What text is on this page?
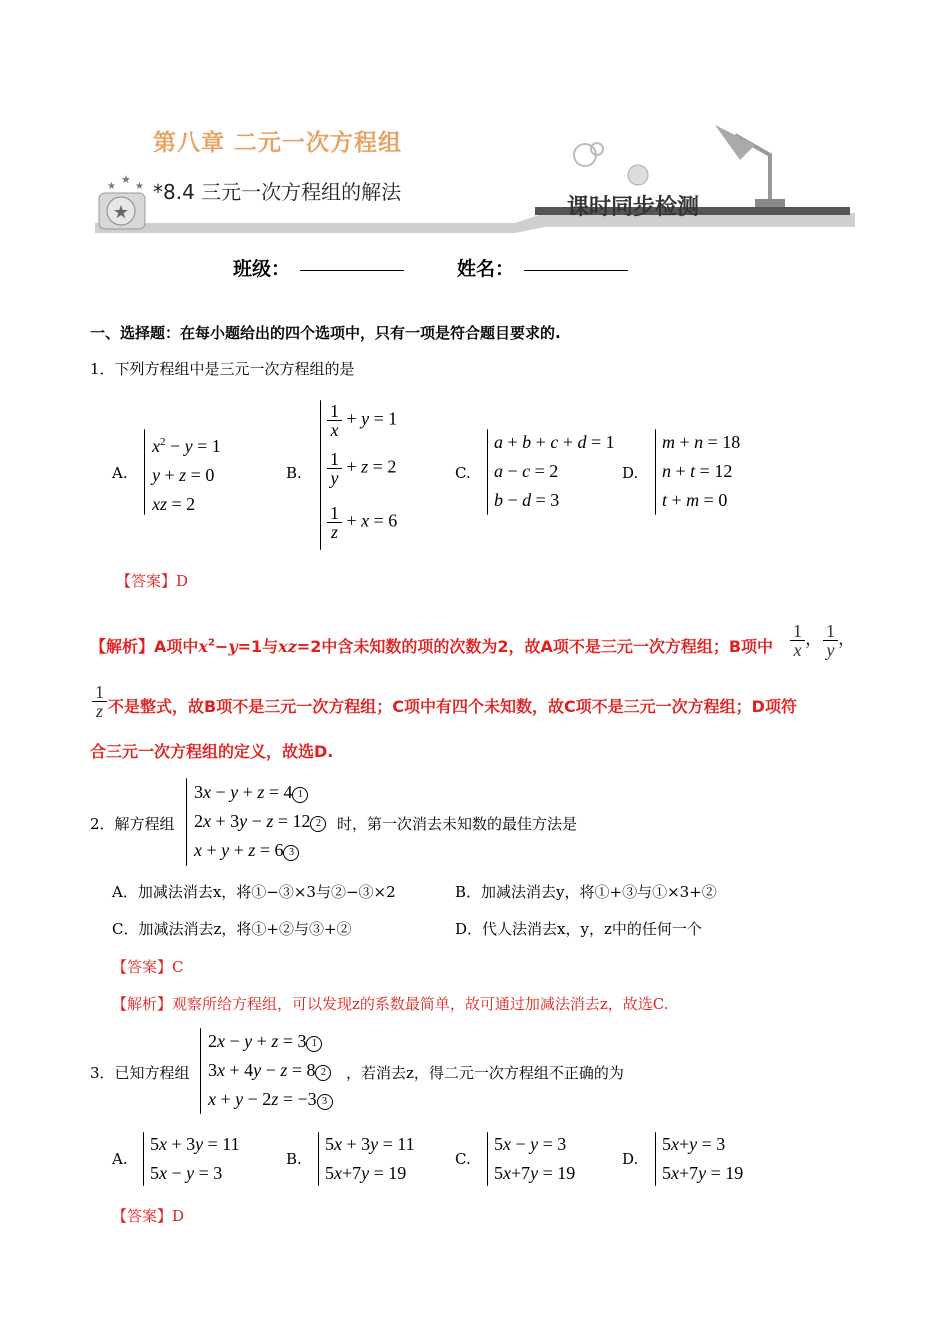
★
★
★
★
第八章 二元一次方程组
*8.4 三元一次方程组的解法
课时同步检测
班级：	姓名：
一、选择题：在每小题给出的四个选项中，只有一项是符合题目要求的.
1．下列方程组中是三元一次方程组的是
A.
$x^2 - y = 1$
y + z = 0
xz = 2
B.
$\frac{1}{x} + y = 1$
$\frac{1}{y} + z = 2$
$\frac{1}{z} + x = 6$
C.
a + b + c + d = 1
a − c = 2
b − d = 3
D.
m + n = 18
n + t = 12
t + m = 0
【答案】D
【解析】A项中$x^2-y=1$与xz=2中含未知数的项的次数为2，故A项不是三元一次方程组；B项中 $\frac{1}{x}$ ， $\frac{1}{y}$ ，
$\frac{1}{z}$ 不是整式，故B项不是三元一次方程组；C项中有四个未知数，故C项不是三元一次方程组；D项符
合三元一次方程组的定义，故选D.
2．解方程组
3x − y + z = 4 1
2x + 3y − z = 12 2
x + y + z = 6 3
时，第一次消去未知数的最佳方法是
A．加减法消去x，将①−③×3与②−③×2	B．加减法消去y，将①+③与①×3+②
C．加减法消去z，将①+②与③+②	D．代人法消去x，y，z中的任何一个
【答案】C
【解析】观察所给方程组，可以发现z的系数最简单，故可通过加减法消去z，故选C.
3．已知方程组
2x − y + z = 3 1
3x + 4y − z = 8 2
x + y − 2z = −3 3
，若消去z，得二元一次方程组不正确的为
A.
5x + 3y = 11
5x − y = 3
B.
5x + 3y = 11
5x+7y = 19
C.
5x − y = 3
5x+7y = 19
D.
5x+y = 3
5x+7y = 19
【答案】D
